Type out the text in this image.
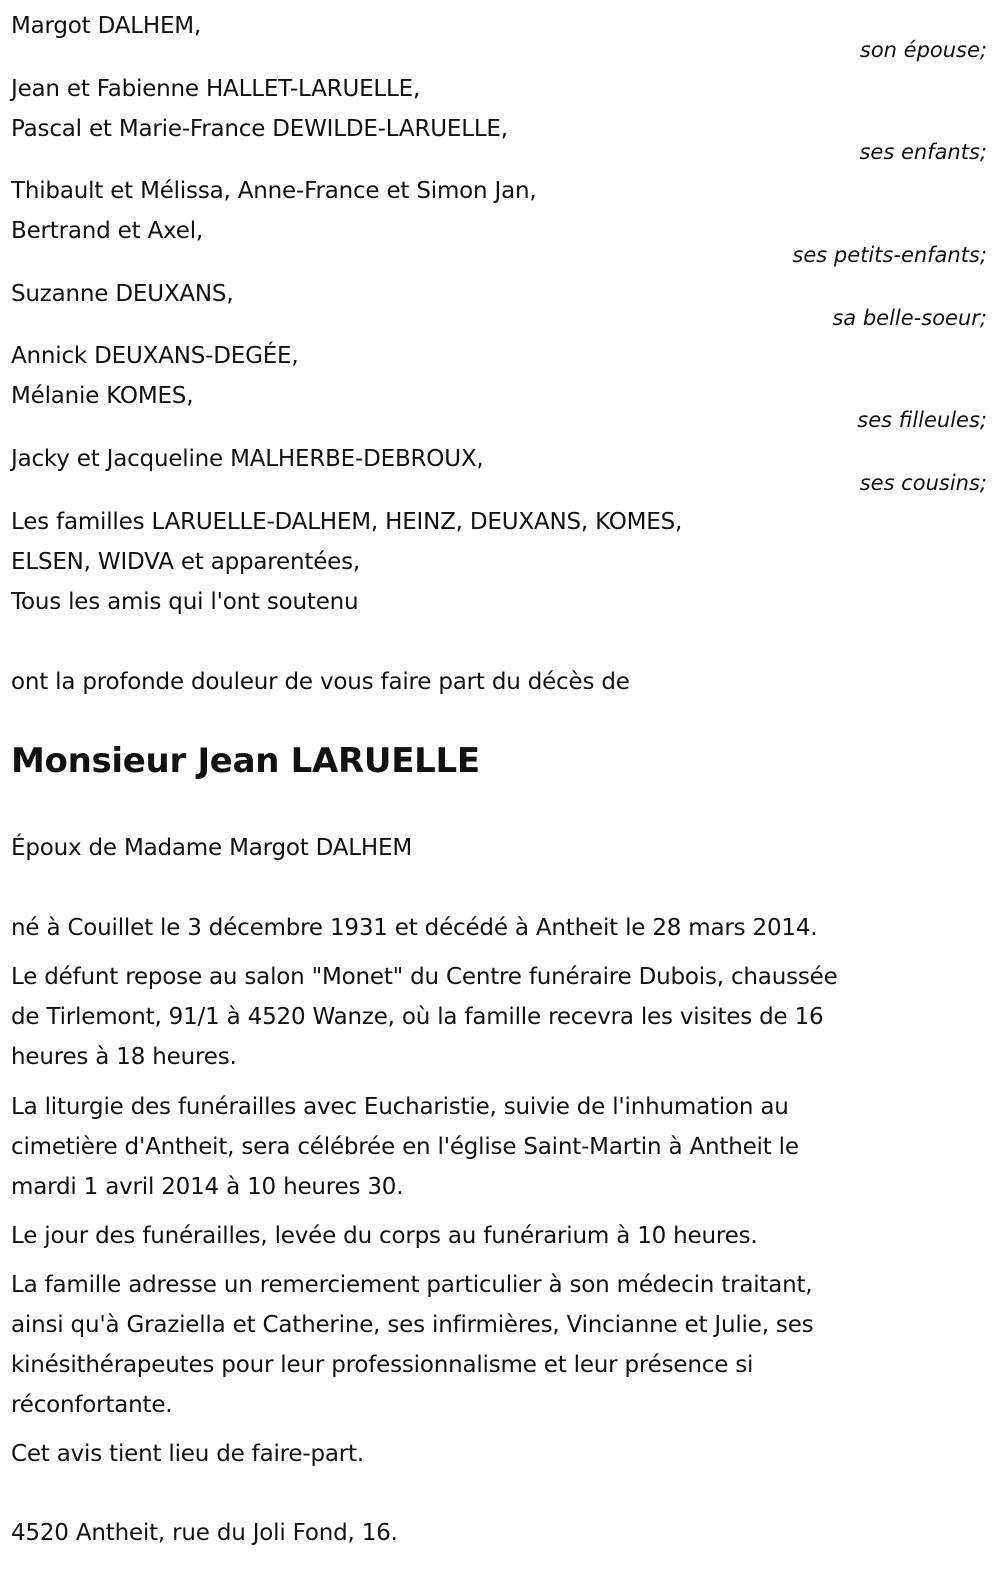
Margot DALHEM,
son épouse;
Jean et Fabienne HALLET-LARUELLE,
Pascal et Marie-France DEWILDE-LARUELLE,
ses enfants;
Thibault et Mélissa, Anne-France et Simon Jan,
Bertrand et Axel,
ses petits-enfants;
Suzanne DEUXANS,
sa belle-soeur;
Annick DEUXANS-DEGÉE,
Mélanie KOMES,
ses filleules;
Jacky et Jacqueline MALHERBE-DEBROUX,
ses cousins;
Les familles LARUELLE-DALHEM, HEINZ, DEUXANS, KOMES,
ELSEN, WIDVA et apparentées,
Tous les amis qui l'ont soutenu
ont la profonde douleur de vous faire part du décès de
Monsieur Jean LARUELLE
Époux de Madame Margot DALHEM
né à Couillet le 3 décembre 1931 et décédé à Antheit le 28 mars 2014.
Le défunt repose au salon "Monet" du Centre funéraire Dubois, chaussée
de Tirlemont, 91/1 à 4520 Wanze, où la famille recevra les visites de 16
heures à 18 heures.
La liturgie des funérailles avec Eucharistie, suivie de l'inhumation au
cimetière d'Antheit, sera célébrée en l'église Saint-Martin à Antheit le
mardi 1 avril 2014 à 10 heures 30.
Le jour des funérailles, levée du corps au funérarium à 10 heures.
La famille adresse un remerciement particulier à son médecin traitant,
ainsi qu'à Graziella et Catherine, ses infirmières, Vincianne et Julie, ses
kinésithérapeutes pour leur professionnalisme et leur présence si
réconfortante.
Cet avis tient lieu de faire-part.
4520 Antheit, rue du Joli Fond, 16.
